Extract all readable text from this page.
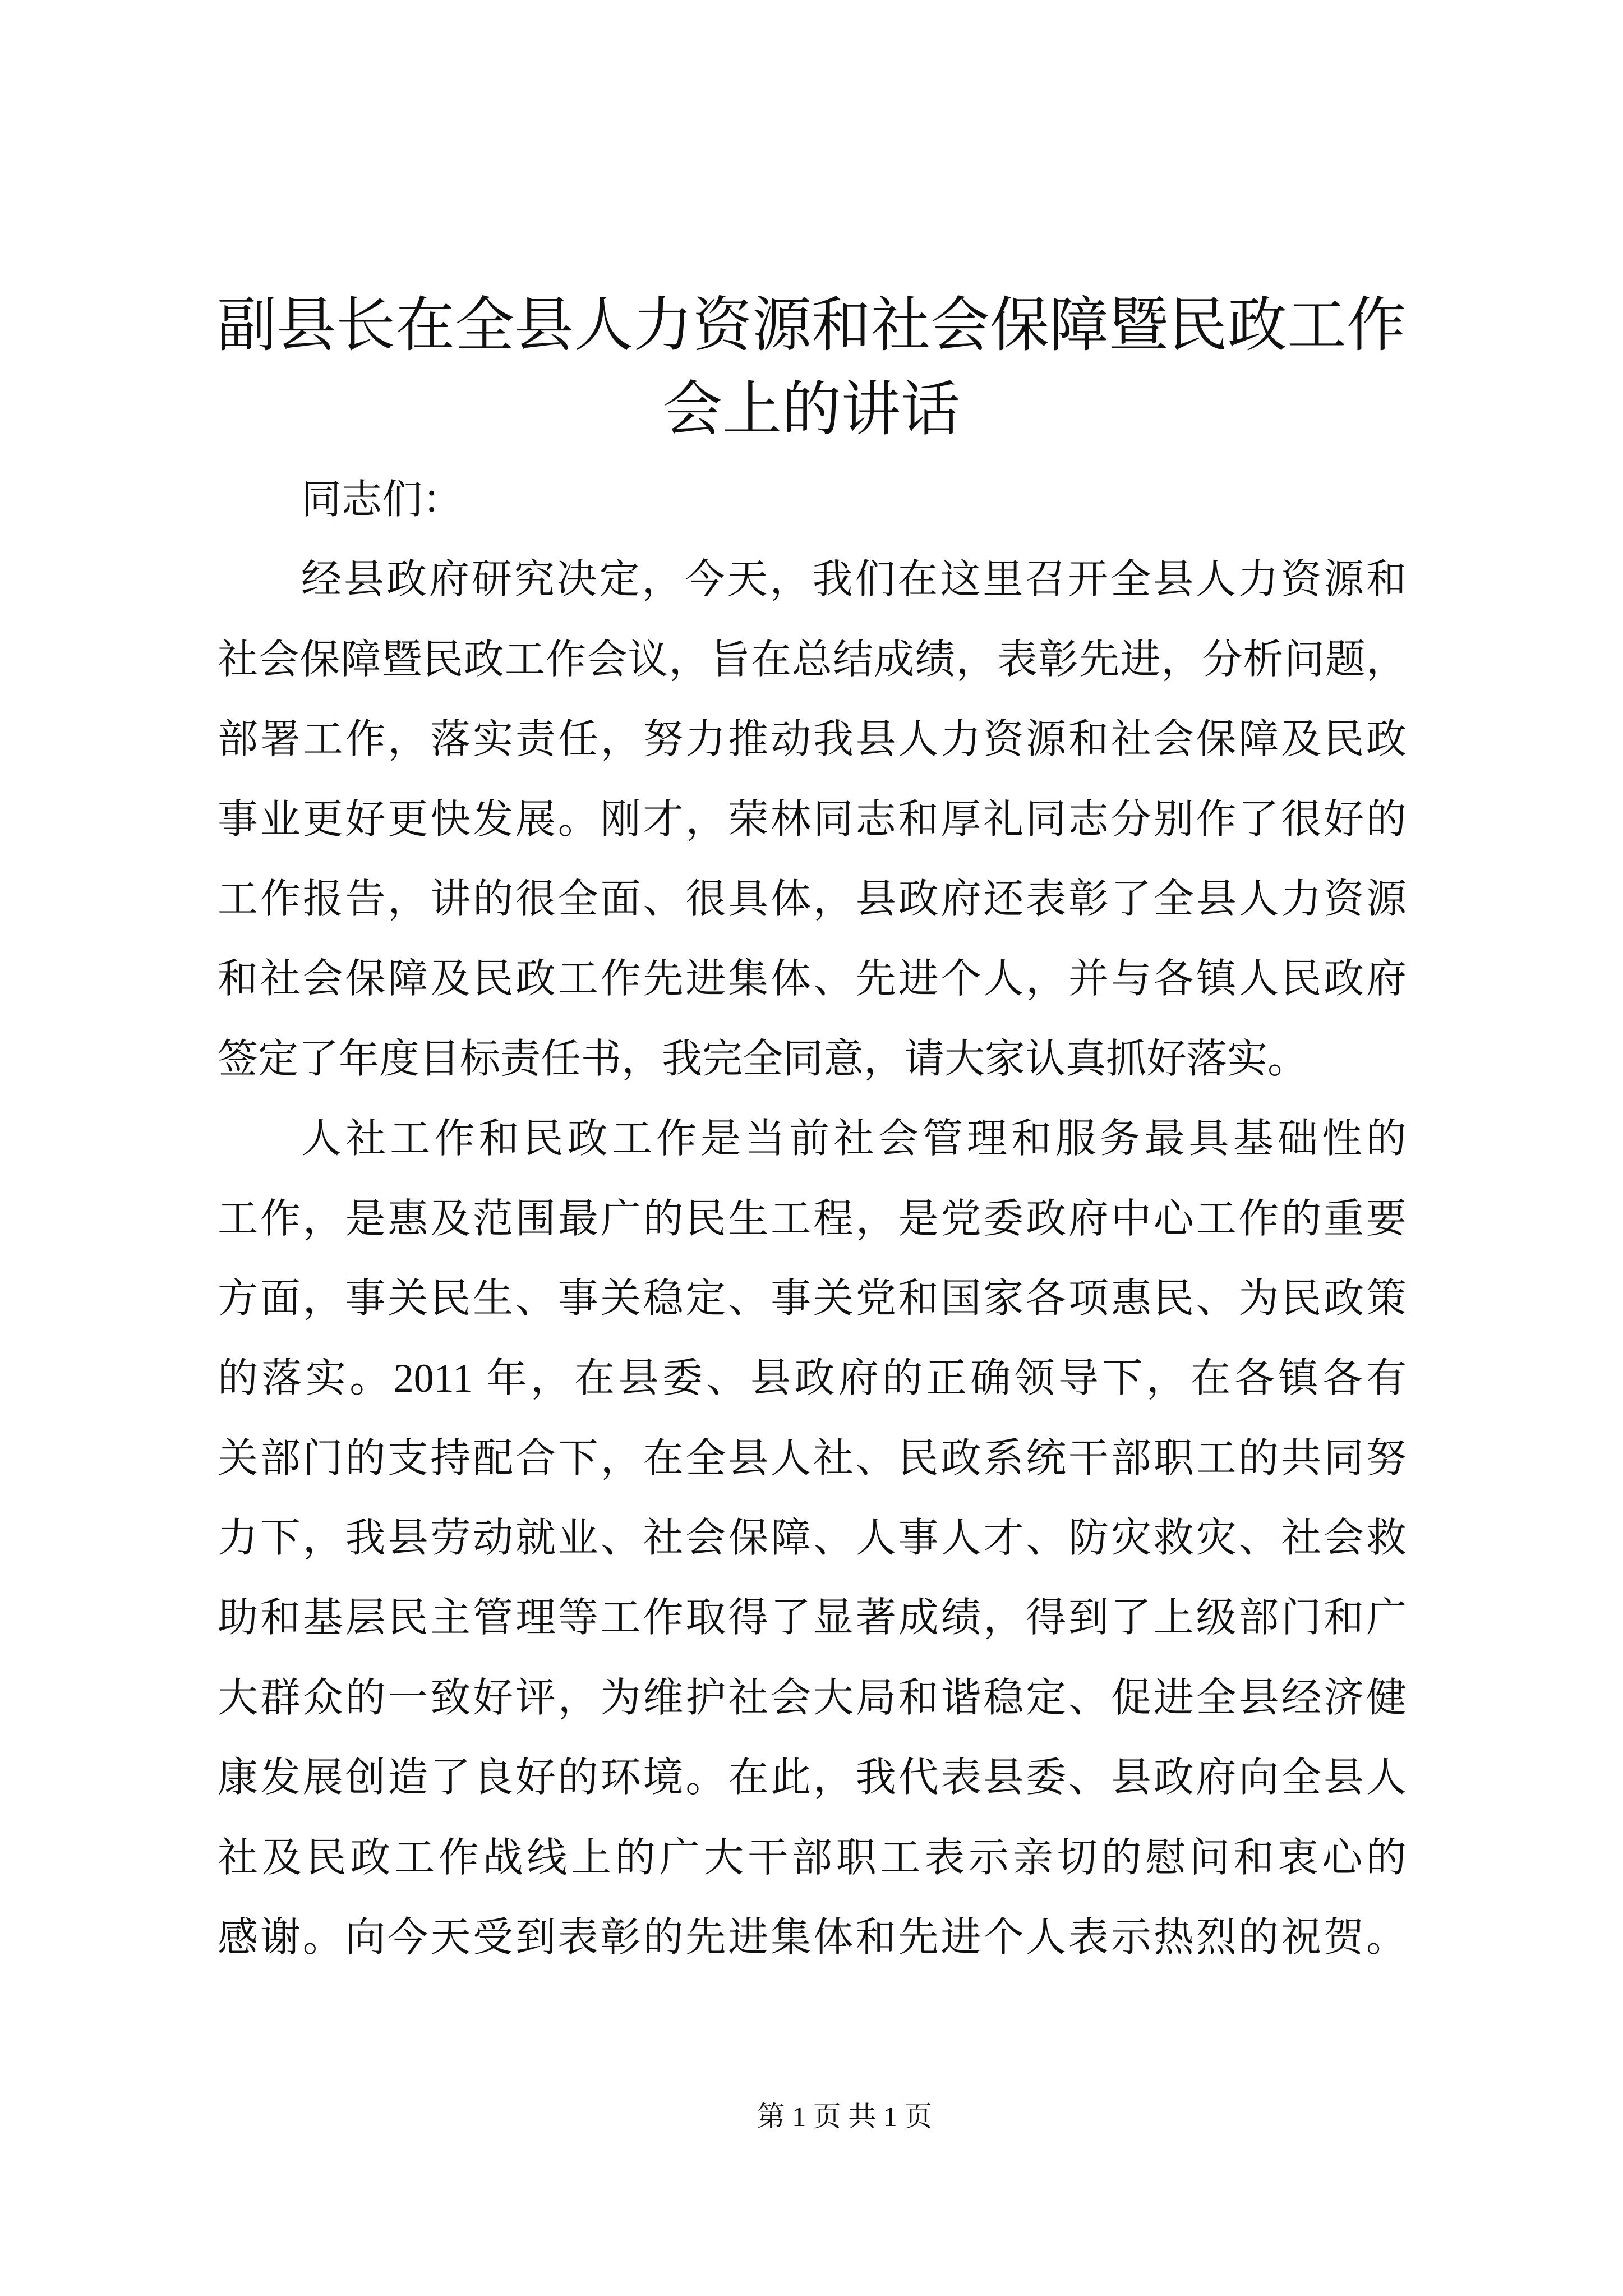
副县长在全县人力资源和社会保障暨民政工作
会上的讲话
同志们：
经县政府研究决定，今天，我们在这里召开全县人力资源和
社会保障暨民政工作会议，旨在总结成绩，表彰先进，分析问题，
部署工作，落实责任，努力推动我县人力资源和社会保障及民政
事业更好更快发展。刚才，荣林同志和厚礼同志分别作了很好的
工作报告，讲的很全面、很具体，县政府还表彰了全县人力资源
和社会保障及民政工作先进集体、先进个人，并与各镇人民政府
签定了年度目标责任书，我完全同意，请大家认真抓好落实。
人社工作和民政工作是当前社会管理和服务最具基础性的
工作，是惠及范围最广的民生工程，是党委政府中心工作的重要
方面，事关民生、事关稳定、事关党和国家各项惠民、为民政策
的落实。2011 年，在县委、县政府的正确领导下，在各镇各有
关部门的支持配合下，在全县人社、民政系统干部职工的共同努
力下，我县劳动就业、社会保障、人事人才、防灾救灾、社会救
助和基层民主管理等工作取得了显著成绩，得到了上级部门和广
大群众的一致好评，为维护社会大局和谐稳定、促进全县经济健
康发展创造了良好的环境。在此，我代表县委、县政府向全县人
社及民政工作战线上的广大干部职工表示亲切的慰问和衷心的
感谢。向今天受到表彰的先进集体和先进个人表示热烈的祝贺。
第 1 页 共 1 页
